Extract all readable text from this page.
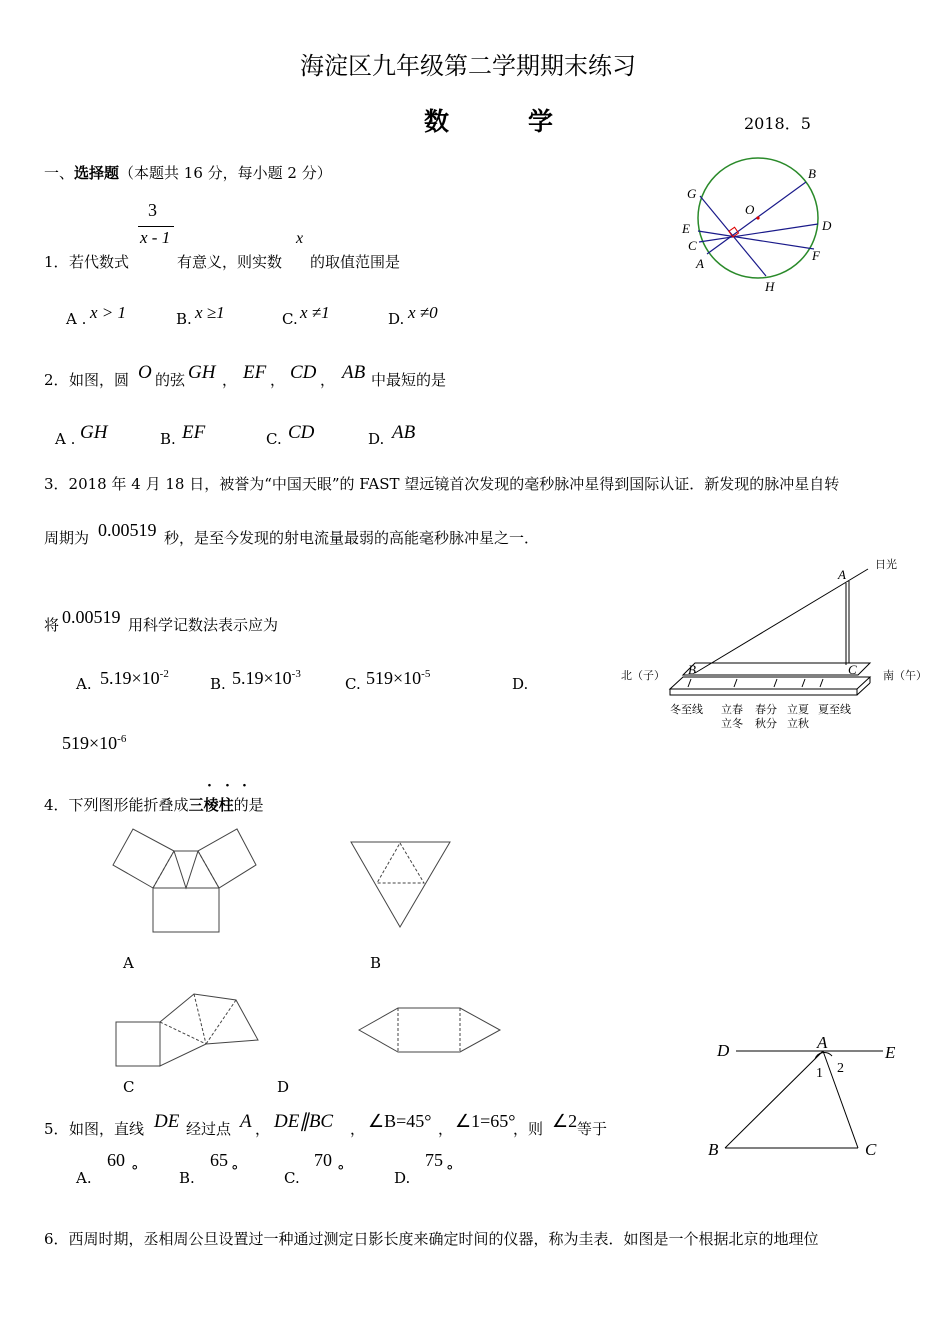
海淀区九年级第二学期期末练习
数	学	2018．5
一、选择题（本题共 16 分，每小题 2 分）
3
x - 1	x
1． 若代数式	有意义，则实数 的取值范围是
A . x > 1	B. x ≥1	C. x ≠1	D. x ≠0
2． 如图，圆 O 的弦 GH ， EF ， CD ， AB 中最短的是
A . GH	B. EF	C. CD	D. AB
B
G
O
D
E
C
F
A
H
3．2018 年 4 月 18 日，被誉为“中国天眼”的 FAST 望远镜首次发现的毫秒脉冲星得到国际认证．新发现的脉冲星自转
周期为 0.00519 秒，是至今发现的射电流量最弱的高能毫秒脉冲星之一．
将 0.00519 用科学记数法表示应为
A. $5.19\times 10^{-2}$
B. $5.19\times 10^{-3}$
C. $519\times 10^{-5}$
D.
$519\times 10^{-6}$
日光
A
B	C
北（子）	南（午）
冬至线 立春
立冬
春分
秋分
立夏
立秋
夏至线
4．下列图形能折叠成三棱柱的是
· · ·
A	B
C	D
5． 如图，直线 DE 经过点 A ， DE∥BC ， ∠B=45° ， ∠1=65°
，则 ∠2 等于
A.
60
°	B.
65
°	C.
70
°	D.
75
°
D	A
E
1 2
B	C
6．西周时期，丞相周公旦设置过一种通过测定日影长度来确定时间的仪器，称为圭表．如图是一个根据北京的地理位
